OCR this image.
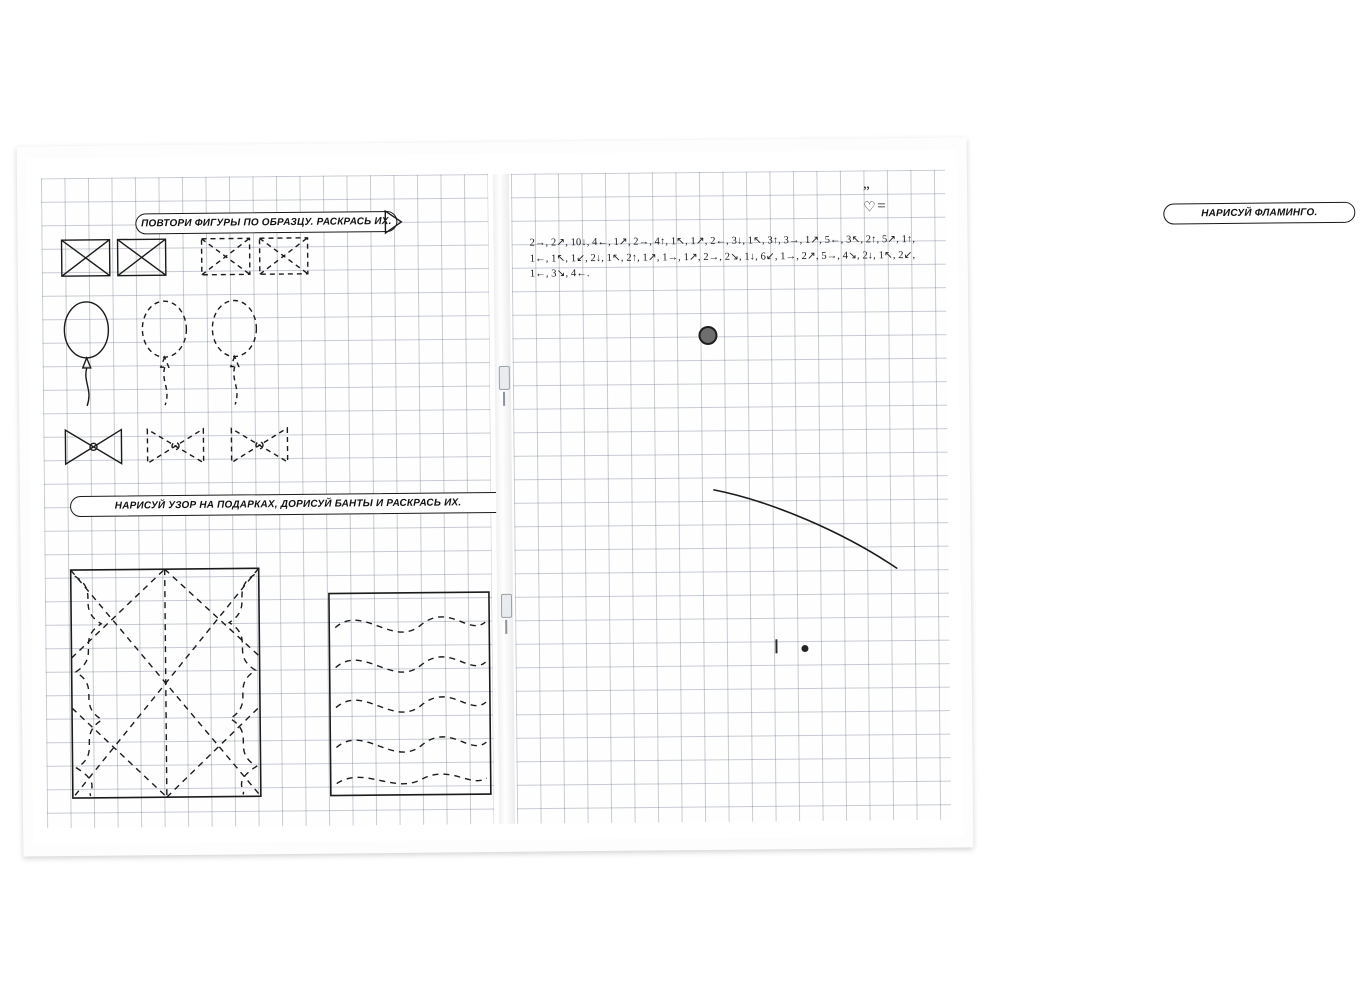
ПОВТОРИ ФИГУРЫ ПО ОБРАЗЦУ. РАСКРАСЬ ИХ.
НАРИСУЙ УЗОР НА ПОДАРКАХ, ДОРИСУЙ БАНТЫ И РАСКРАСЬ ИХ.
НАРИСУЙ ФЛАМИНГО.
♡
”
=
2→, 2↗, 10↓, 4←, 1↗, 2→, 4↑, 1↖, 1↗, 2←, 3↓, 1↖, 3↑, 3→, 1↗, 5←, 3↖, 2↑, 5↗, 1↑, 1←, 1↖, 1↙, 2↓, 1↖, 2↑, 1↗, 1→, 1↗, 2→, 2↘, 1↓, 6↙, 1→, 2↗, 5→, 4↘, 2↓, 1↖, 2↙, 1←, 3↘, 4←.
